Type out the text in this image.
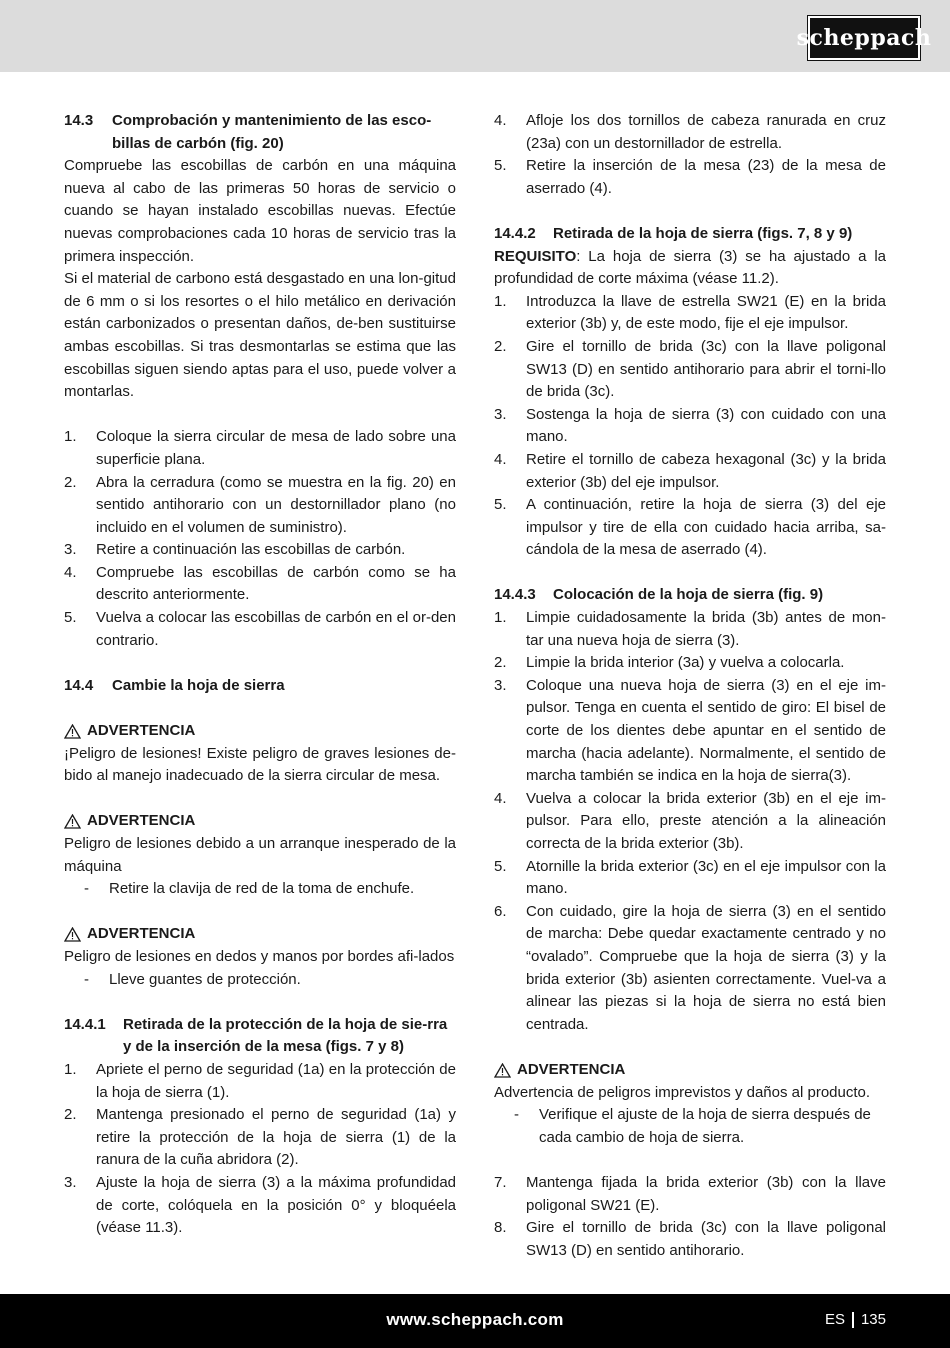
scheppach
14.3	Comprobación y mantenimiento de las esco-billas de carbón (fig. 20)
Compruebe las escobillas de carbón en una máquina nueva al cabo de las primeras 50 horas de servicio o cuando se hayan instalado escobillas nuevas. Efectúe nuevas comprobaciones cada 10 horas de servicio tras la primera inspección.
Si el material de carbono está desgastado en una lon-gitud de 6 mm o si los resortes o el hilo metálico en derivación están carbonizados o presentan daños, de-ben sustituirse ambas escobillas. Si tras desmontarlas se estima que las escobillas siguen siendo aptas para el uso, puede volver a montarlas.
1.	Coloque la sierra circular de mesa de lado sobre una superficie plana.
2.	Abra la cerradura (como se muestra en la fig. 20) en sentido antihorario con un destornillador plano (no incluido en el volumen de suministro).
3.	Retire a continuación las escobillas de carbón.
4.	Compruebe las escobillas de carbón como se ha descrito anteriormente.
5.	Vuelva a colocar las escobillas de carbón en el or-den contrario.
14.4	Cambie la hoja de sierra
ADVERTENCIA
¡Peligro de lesiones! Existe peligro de graves lesiones de-bido al manejo inadecuado de la sierra circular de mesa.
ADVERTENCIA
Peligro de lesiones debido a un arranque inesperado de la máquina
-	Retire la clavija de red de la toma de enchufe.
ADVERTENCIA
Peligro de lesiones en dedos y manos por bordes afi-lados
-	Lleve guantes de protección.
14.4.1	Retirada de la protección de la hoja de sie-rra y de la inserción de la mesa (figs. 7 y 8)
1.	Apriete el perno de seguridad (1a) en la protección de la hoja de sierra (1).
2.	Mantenga presionado el perno de seguridad (1a) y retire la protección de la hoja de sierra (1) de la ranura de la cuña abridora (2).
3.	Ajuste la hoja de sierra (3) a la máxima profundidad de corte, colóquela en la posición 0° y bloquéela (véase 11.3).
4.	Afloje los dos tornillos de cabeza ranurada en cruz (23a) con un destornillador de estrella.
5.	Retire la inserción de la mesa (23) de la mesa de aserrado (4).
14.4.2	Retirada de la hoja de sierra (figs. 7, 8 y 9)
REQUISITO: La hoja de sierra (3) se ha ajustado a la profundidad de corte máxima (véase 11.2).
1.	Introduzca la llave de estrella SW21 (E) en la brida exterior (3b) y, de este modo, fije el eje impulsor.
2.	Gire el tornillo de brida (3c) con la llave poligonal SW13 (D) en sentido antihorario para abrir el torni-llo de brida (3c).
3.	Sostenga la hoja de sierra (3) con cuidado con una mano.
4.	Retire el tornillo de cabeza hexagonal (3c) y la brida exterior (3b) del eje impulsor.
5.	A continuación, retire la hoja de sierra (3) del eje impulsor y tire de ella con cuidado hacia arriba, sa-cándola de la mesa de aserrado (4).
14.4.3	Colocación de la hoja de sierra (fig. 9)
1.	Limpie cuidadosamente la brida (3b) antes de mon-tar una nueva hoja de sierra (3).
2.	Limpie la brida interior (3a) y vuelva a colocarla.
3.	Coloque una nueva hoja de sierra (3) en el eje im-pulsor. Tenga en cuenta el sentido de giro: El bisel de corte de los dientes debe apuntar en el sentido de marcha (hacia adelante). Normalmente, el sentido de marcha también se indica en la hoja de sierra(3).
4.	Vuelva a colocar la brida exterior (3b) en el eje im-pulsor. Para ello, preste atención a la alineación correcta de la brida exterior (3b).
5.	Atornille la brida exterior (3c) en el eje impulsor con la mano.
6.	Con cuidado, gire la hoja de sierra (3) en el sentido de marcha: Debe quedar exactamente centrado y no “ovalado”. Compruebe que la hoja de sierra (3) y la brida exterior (3b) asienten correctamente. Vuel-va a alinear las piezas si la hoja de sierra no está bien centrada.
ADVERTENCIA
Advertencia de peligros imprevistos y daños al producto.
-	Verifique el ajuste de la hoja de sierra después de cada cambio de hoja de sierra.
7.	Mantenga fijada la brida exterior (3b) con la llave poligonal SW21 (E).
8.	Gire el tornillo de brida (3c) con la llave poligonal SW13 (D) en sentido antihorario.
www.scheppach.com	ES 135
